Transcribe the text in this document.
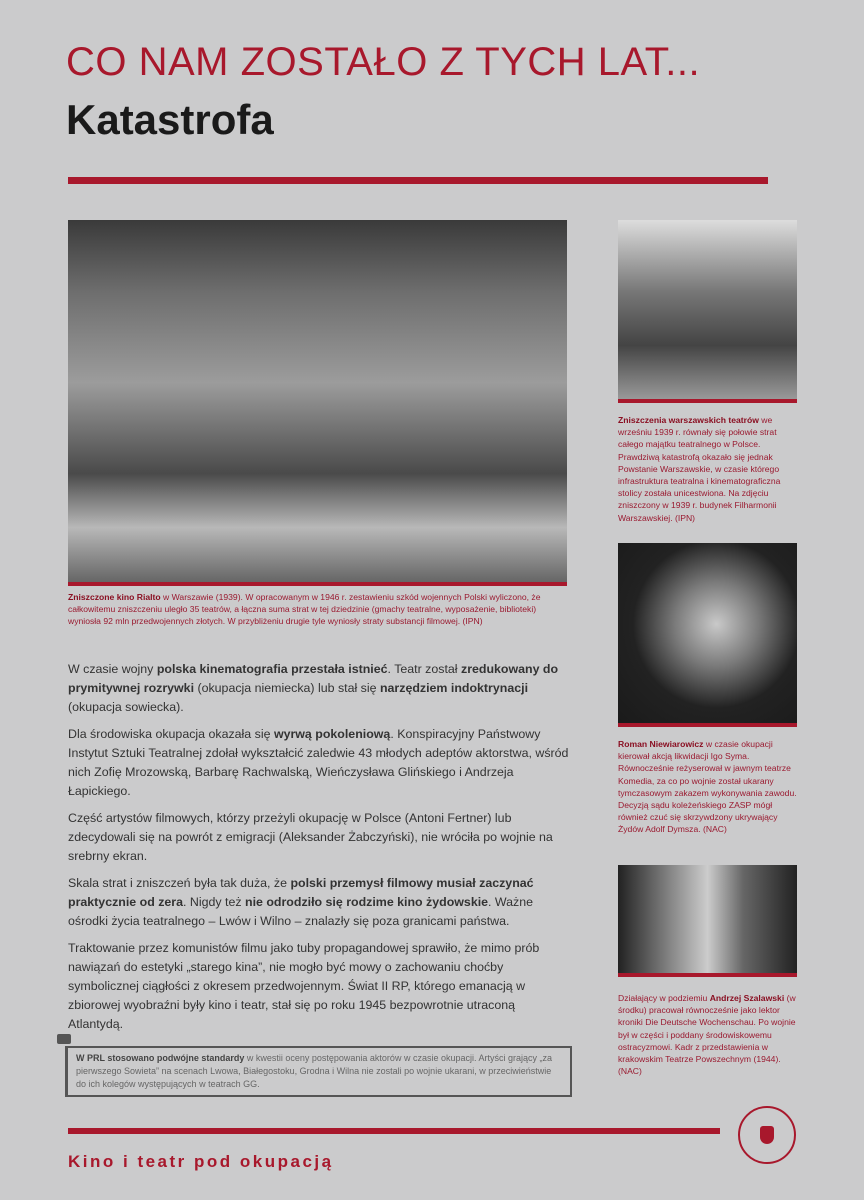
CO NAM ZOSTAŁO Z TYCH LAT...
Katastrofa
Zniszczone kino Rialto w Warszawie (1939). W opracowanym w 1946 r. zestawieniu szkód wojennych Polski wyliczono, że całkowitemu zniszczeniu uległo 35 teatrów, a łączna suma strat w tej dziedzinie (gmachy teatralne, wyposażenie, biblioteki) wyniosła 92 mln przedwojennych złotych. W przybliżeniu drugie tyle wyniosły straty substancji filmowej. (IPN)

W czasie wojny polska kinematografia przestała istnieć. Teatr został zredukowany do prymitywnej rozrywki (okupacja niemiecka) lub stał się narzędziem indoktrynacji (okupacja sowiecka).

Dla środowiska okupacja okazała się wyrwą pokoleniową. Konspiracyjny Państwowy Instytut Sztuki Teatralnej zdołał wykształcić zaledwie 43 młodych adeptów aktorstwa, wśród nich Zofię Mrozowską, Barbarę Rachwalską, Wieńczysława Glińskiego i Andrzeja Łapickiego.

Część artystów filmowych, którzy przeżyli okupację w Polsce (Antoni Fertner) lub zdecydowali się na powrót z emigracji (Aleksander Żabczyński), nie wróciła po wojnie na srebrny ekran.

Skala strat i zniszczeń była tak duża, że polski przemysł filmowy musiał zaczynać praktycznie od zera. Nigdy też nie odrodziło się rodzime kino żydowskie. Ważne ośrodki życia teatralnego – Lwów i Wilno – znalazły się poza granicami państwa.

Traktowanie przez komunistów filmu jako tuby propagandowej sprawiło, że mimo prób nawiązań do estetyki „starego kina”, nie mogło być mowy o zachowaniu choćby symbolicznej ciągłości z okresem przedwojennym. Świat II RP, którego emanacją w zbiorowej wyobraźni były kino i teatr, stał się po roku 1945 bezpowrotnie utraconą Atlantydą.

W PRL stosowano podwójne standardy w kwestii oceny postępowania aktorów w czasie okupacji. Artyści grający „za pierwszego Sowieta” na scenach Lwowa, Białegostoku, Grodna i Wilna nie zostali po wojnie ukarani, w przeciwieństwie do ich kolegów występujących w teatrach GG.
Zniszczenia warszawskich teatrów we wrześniu 1939 r. równały się połowie strat całego majątku teatralnego w Polsce. Prawdziwą katastrofą okazało się jednak Powstanie Warszawskie, w czasie którego infrastruktura teatralna i kinematograficzna stolicy została unicestwiona. Na zdjęciu zniszczony w 1939 r. budynek Filharmonii Warszawskiej. (IPN)
Roman Niewiarowicz w czasie okupacji kierował akcją likwidacji Igo Syma. Równocześnie reżyserował w jawnym teatrze Komedia, za co po wojnie został ukarany tymczasowym zakazem wykonywania zawodu. Decyzją sądu koleżeńskiego ZASP mógł również czuć się skrzywdzony ukrywający Żydów Adolf Dymsza. (NAC)
Działający w podziemiu Andrzej Szalawski (w środku) pracował równocześnie jako lektor kroniki Die Deutsche Wochenschau. Po wojnie był w części i poddany środowiskowemu ostracyzmowi. Kadr z przedstawienia w krakowskim Teatrze Powszechnym (1944). (NAC)
Kino i teatr pod okupacją
